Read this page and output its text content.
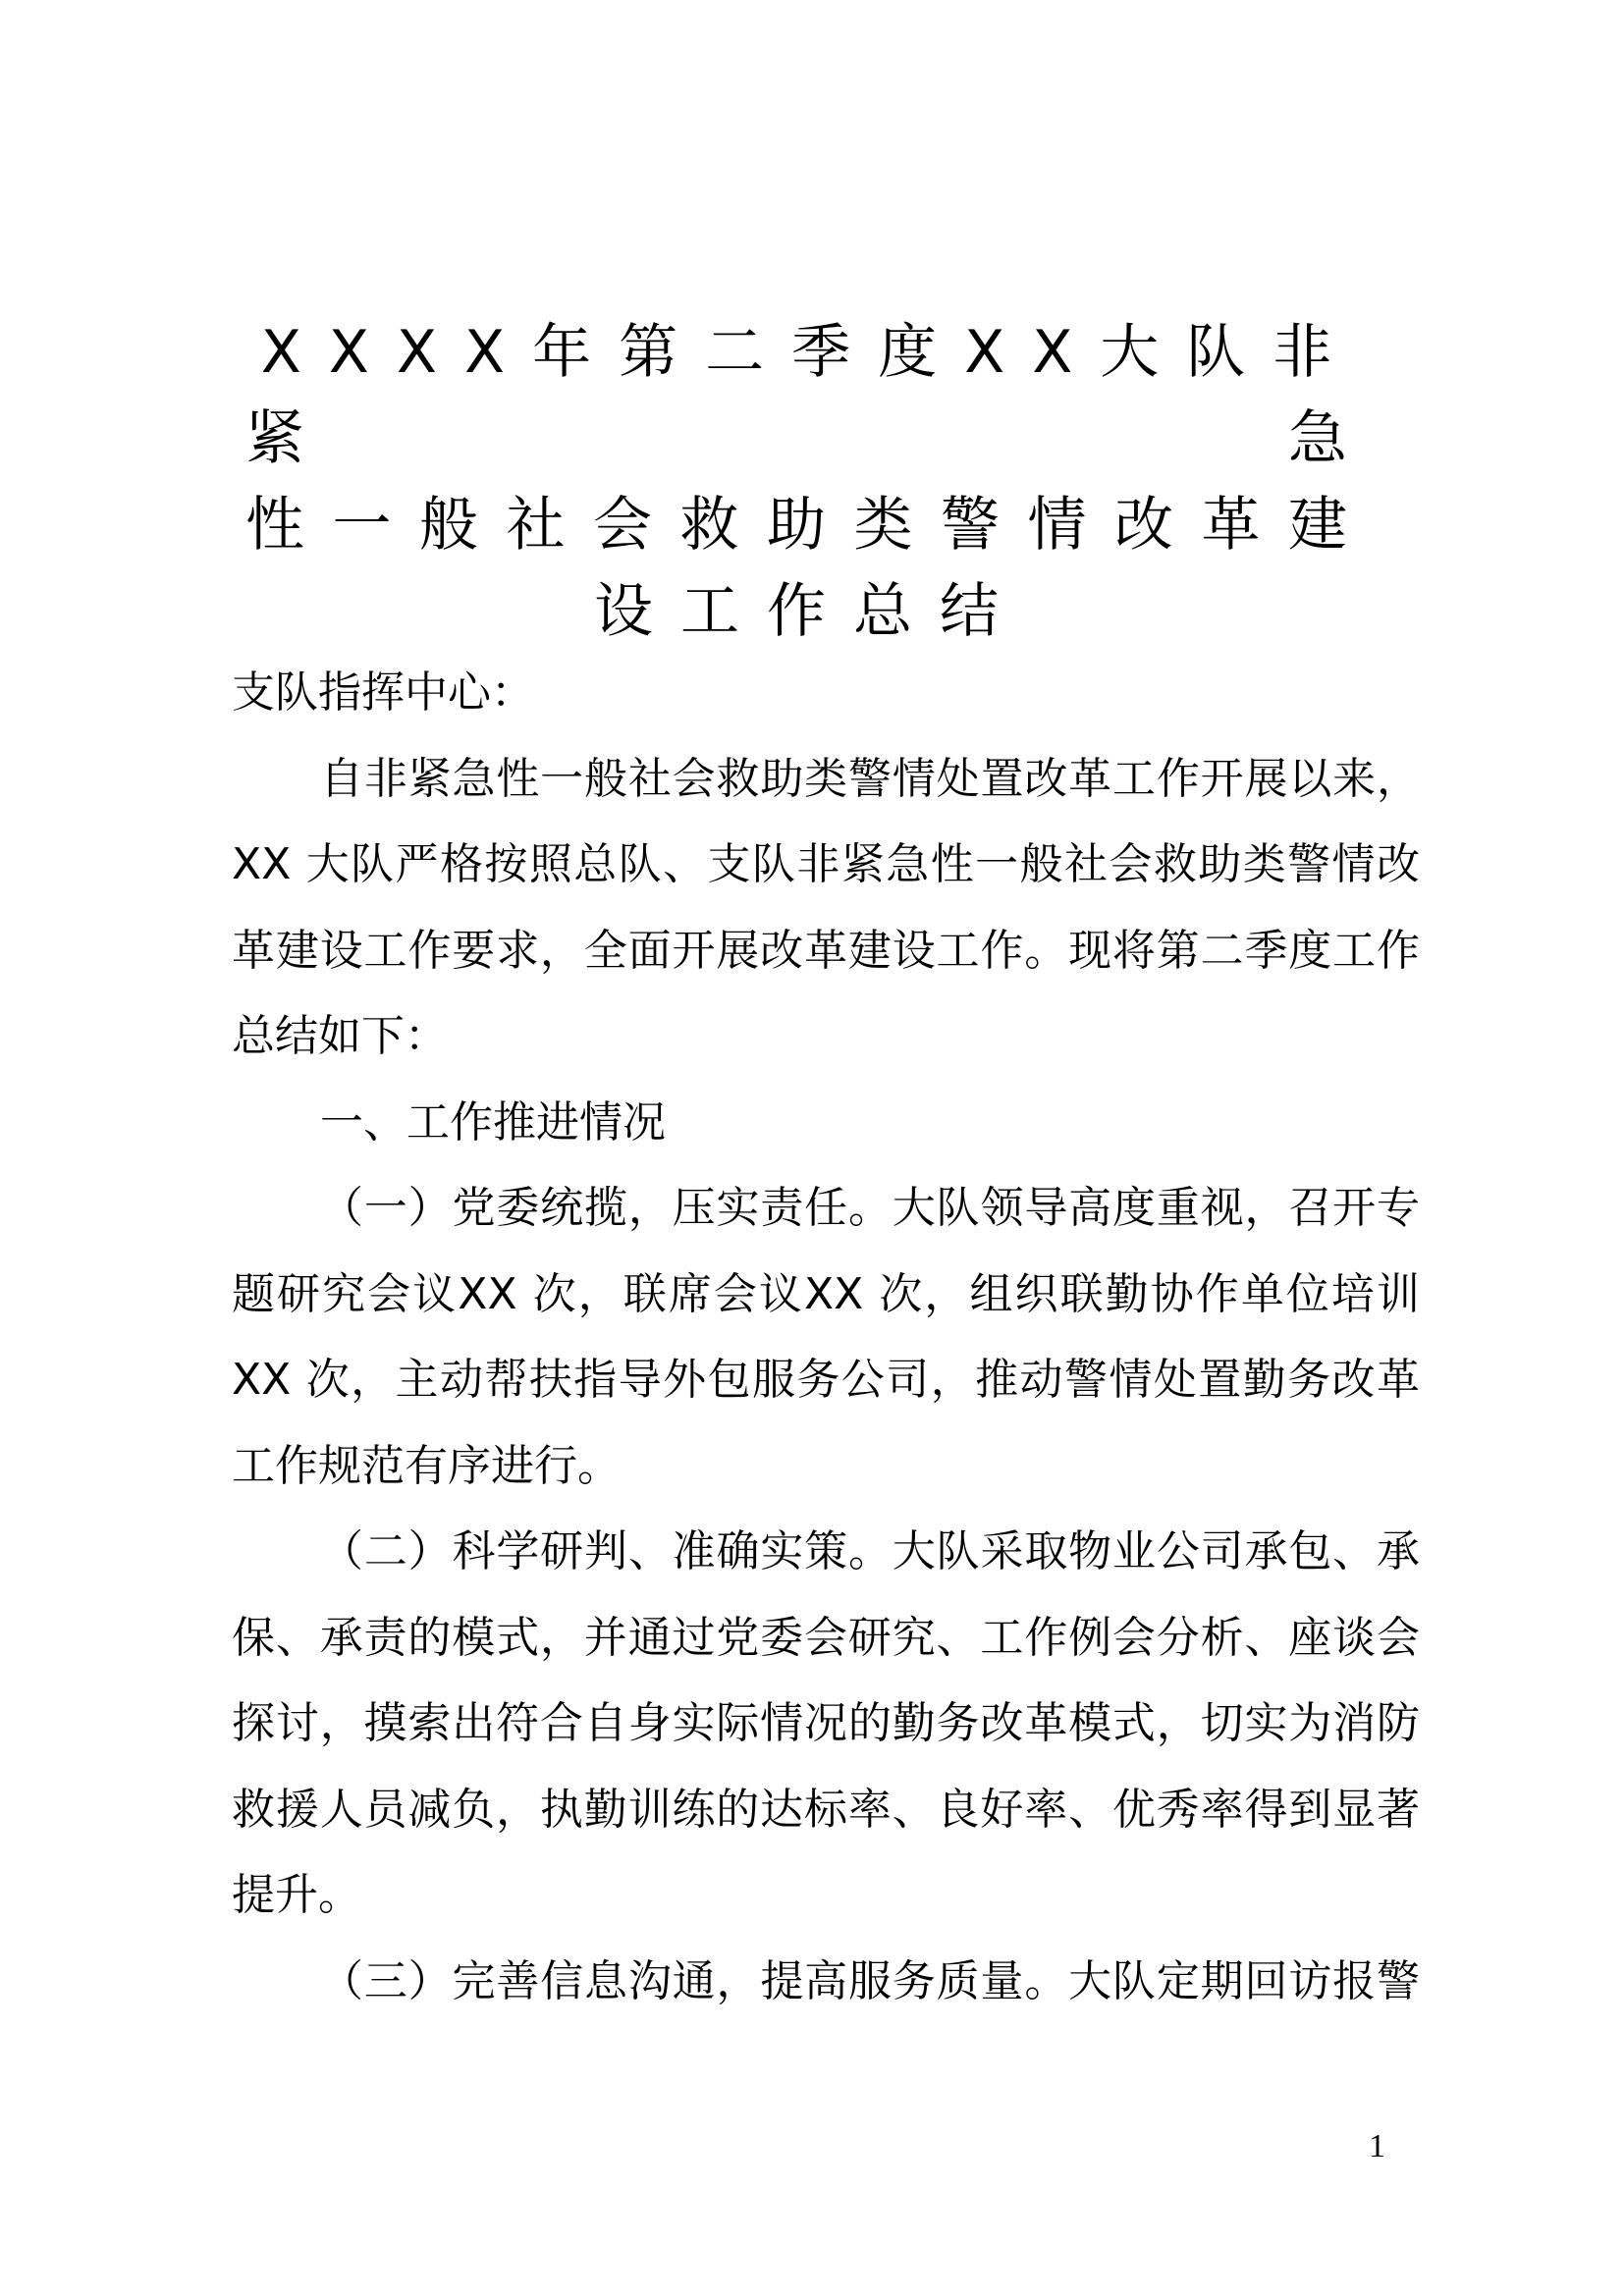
XXXX年第二季度XX大队非紧急
性一般社会救助类警情改革建
设工作总结
支队指挥中心：
自非紧急性一般社会救助类警情处置改革工作开展以来，
XX 大队严格按照总队、支队非紧急性一般社会救助类警情改
革建设工作要求，全面开展改革建设工作。现将第二季度工作
总结如下：
一、工作推进情况
（一）党委统揽，压实责任。大队领导高度重视，召开专
题研究会议XX 次，联席会议XX 次，组织联勤协作单位培训
XX 次，主动帮扶指导外包服务公司，推动警情处置勤务改革
工作规范有序进行。
（二）科学研判、准确实策。大队采取物业公司承包、承
保、承责的模式，并通过党委会研究、工作例会分析、座谈会
探讨，摸索出符合自身实际情况的勤务改革模式，切实为消防
救援人员减负，执勤训练的达标率、良好率、优秀率得到显著
提升。
（三）完善信息沟通，提高服务质量。大队定期回访报警
1
